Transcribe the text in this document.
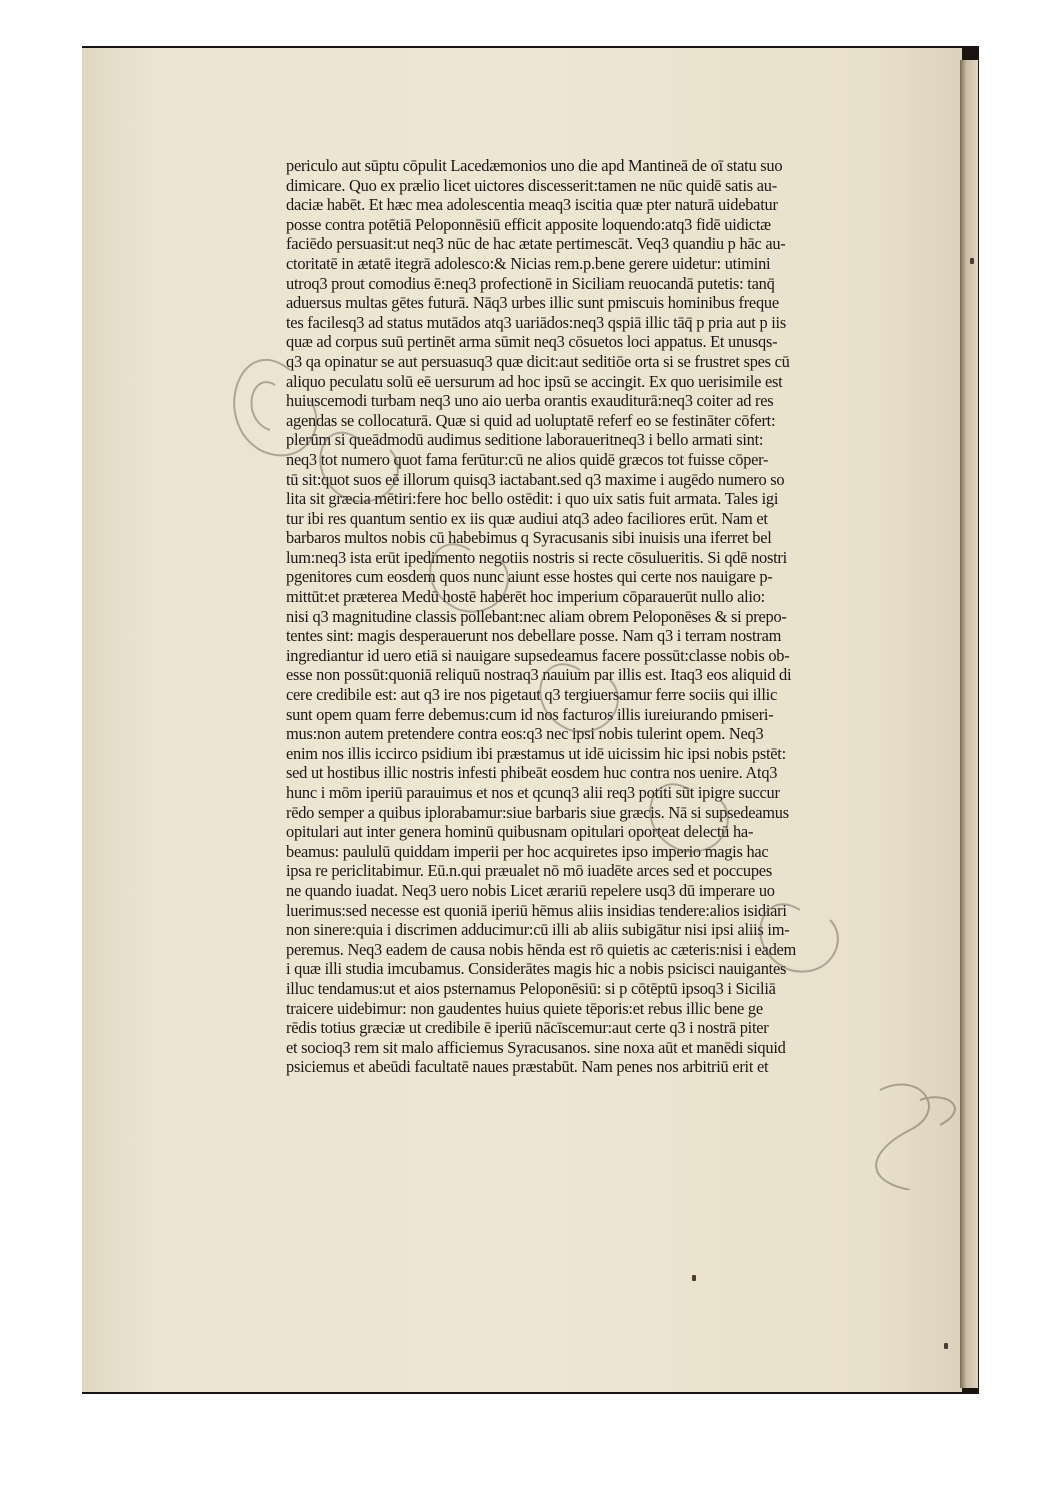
periculo aut sūptu cōpulit Lacedæmonios uno die apd Mantineā de oī statu suo
dimicare. Quo ex prælio licet uictores discesserit:tamen ne nūc quidē satis au-
daciæ habēt. Et hæc mea adolescentia meaq3 iscitia quæ pter naturā uidebatur
posse contra potētiā Peloponnēsiū efficit apposite loquendo:atq3 fidē uidictæ
faciēdo persuasit:ut neq3 nūc de hac ætate pertimescāt. Veq3 quandiu p hāc au-
ctoritatē in ætatē itegrā adolesco:& Nicias rem.p.bene gerere uidetur: utimini
utroq3 prout comodius ē:neq3 profectionē in Siciliam reuocandā putetis: tanq̄
aduersus multas gētes futurā. Nāq3 urbes illic sunt pmiscuis hominibus freque
tes facilesq3 ad status mutādos atq3 uariādos:neq3 qspiā illic tāq̄ p pria aut p iis
quæ ad corpus suū pertinēt arma sūmit neq3 cōsuetos loci appatus. Et unusqs-
q3 qa opinatur se aut persuasuq3 quæ dicit:aut seditiōe orta si se frustret spes cū
aliquo peculatu solū eē uersurum ad hoc ipsū se accingit. Ex quo uerisimile est
huiuscemodi turbam neq3 uno aio uerba orantis exauditurā:neq3 coiter ad res
agendas se collocaturā. Quæ si quid ad uoluptatē referf eo se festināter cōfert:
plerūm si queādmodū audimus seditione laboraueritneq3 i bello armati sint:
neq3 tot numero quot fama ferūtur:cū ne alios quidē græcos tot fuisse cōper-
tū sit:quot suos eē illorum quisq3 iactabant.sed q3 maxime i augēdo numero so
lita sit græcia mētiri:fere hoc bello ostēdit: i quo uix satis fuit armata. Tales igi
tur ibi res quantum sentio ex iis quæ audiui atq3 adeo faciliores erūt. Nam et
barbaros multos nobis cū habebimus q Syracusanis sibi inuisis una iferret bel
lum:neq3 ista erūt ipedimento negotiis nostris si recte cōsulueritis. Si qdē nostri
pgenitores cum eosdem quos nunc aiunt esse hostes qui certe nos nauigare p-
mittūt:et præterea Medū hostē haberēt hoc imperium cōparauerūt nullo alio:
nisi q3 magnitudine classis pollebant:nec aliam obrem Peloponēses & si prepo-
tentes sint: magis desperauerunt nos debellare posse. Nam q3 i terram nostram
ingrediantur id uero etiā si nauigare supsedeamus facere possūt:classe nobis ob-
esse non possūt:quoniā reliquū nostraq3 nauium par illis est. Itaq3 eos aliquid di
cere credibile est: aut q3 ire nos pigetaut q3 tergiuersamur ferre sociis qui illic
sunt opem quam ferre debemus:cum id nos facturos illis iureiurando pmiseri-
mus:non autem pretendere contra eos:q3 nec ipsi nobis tulerint opem. Neq3
enim nos illis iccirco psidium ibi præstamus ut idē uicissim hic ipsi nobis pstēt:
sed ut hostibus illic nostris infesti phibeāt eosdem huc contra nos uenire. Atq3
hunc i mōm iperiū parauimus et nos et qcunq3 alii req3 potiti sūt ipigre succur
rēdo semper a quibus iplorabamur:siue barbaris siue græcis. Nā si supsedeamus
opitulari aut inter genera hominū quibusnam opitulari oporteat delectū ha-
beamus: paululū quiddam imperii per hoc acquiretes ipso imperio magis hac
ipsa re periclitabimur. Eū.n.qui præualet nō mō iuadēte arces sed et poccupes
ne quando iuadat. Neq3 uero nobis Licet ærariū repelere usq3 dū imperare uo
luerimus:sed necesse est quoniā iperiū hēmus aliis insidias tendere:alios isidiari
non sinere:quia i discrimen adducimur:cū illi ab aliis subigātur nisi ipsi aliis im-
peremus. Neq3 eadem de causa nobis hēnda est rō quietis ac cæteris:nisi i eadem
i quæ illi studia imcubamus. Considerātes magis hic a nobis psicisci nauigantes
illuc tendamus:ut et aios psternamus Peloponēsiū: si p cōtēptū ipsoq3 i Siciliā
traicere uidebimur: non gaudentes huius quiete tēporis:et rebus illic bene ge
rēdis totius græciæ ut credibile ē iperiū nācīscemur:aut certe q3 i nostrā piter
et socioq3 rem sit malo afficiemus Syracusanos. sine noxa aūt et manēdi siquid
psiciemus et abeūdi facultatē naues præstabūt. Nam penes nos arbitriū erit et
